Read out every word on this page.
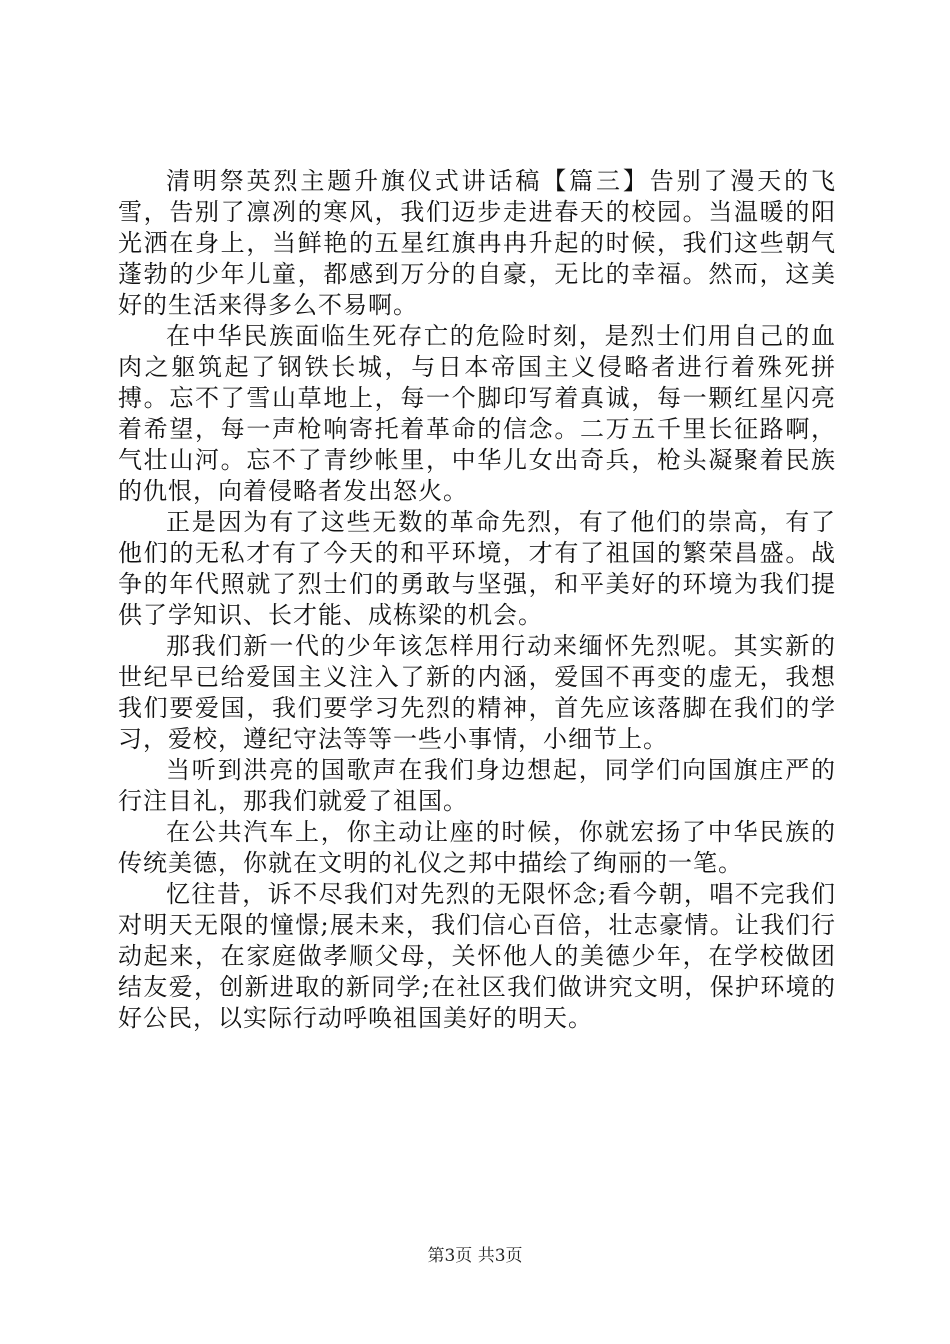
清明祭英烈主题升旗仪式讲话稿【篇三】告别了漫天的飞雪，告别了凛冽的寒风，我们迈步走进春天的校园。当温暖的阳光洒在身上，当鲜艳的五星红旗冉冉升起的时候，我们这些朝气蓬勃的少年儿童，都感到万分的自豪，无比的幸福。然而，这美好的生活来得多么不易啊。

在中华民族面临生死存亡的危险时刻，是烈士们用自己的血肉之躯筑起了钢铁长城，与日本帝国主义侵略者进行着殊死拼搏。忘不了雪山草地上，每一个脚印写着真诚，每一颗红星闪亮着希望，每一声枪响寄托着革命的信念。二万五千里长征路啊，气壮山河。忘不了青纱帐里，中华儿女出奇兵，枪头凝聚着民族的仇恨，向着侵略者发出怒火。

正是因为有了这些无数的革命先烈，有了他们的崇高，有了他们的无私才有了今天的和平环境，才有了祖国的繁荣昌盛。战争的年代照就了烈士们的勇敢与坚强，和平美好的环境为我们提供了学知识、长才能、成栋梁的机会。

那我们新一代的少年该怎样用行动来缅怀先烈呢。其实新的世纪早已给爱国主义注入了新的内涵，爱国不再变的虚无，我想我们要爱国，我们要学习先烈的精神，首先应该落脚在我们的学习，爱校，遵纪守法等等一些小事情，小细节上。

当听到洪亮的国歌声在我们身边想起，同学们向国旗庄严的行注目礼，那我们就爱了祖国。

在公共汽车上，你主动让座的时候，你就宏扬了中华民族的传统美德，你就在文明的礼仪之邦中描绘了绚丽的一笔。

忆往昔，诉不尽我们对先烈的无限怀念;看今朝，唱不完我们对明天无限的憧憬;展未来，我们信心百倍，壮志豪情。让我们行动起来，在家庭做孝顺父母，关怀他人的美德少年，在学校做团结友爱，创新进取的新同学;在社区我们做讲究文明，保护环境的好公民，以实际行动呼唤祖国美好的明天。

第3页 共3页
